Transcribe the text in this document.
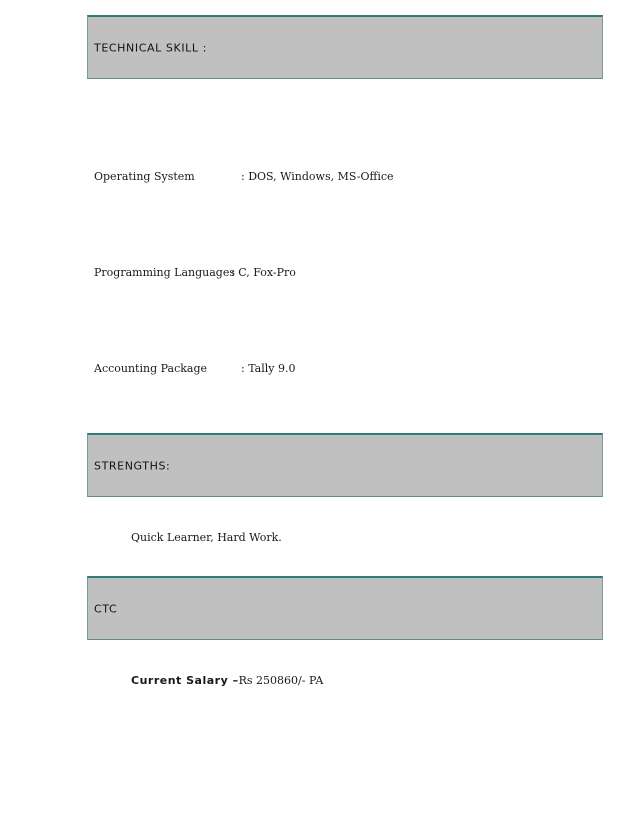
TECHNICAL SKILL :
Operating System	: DOS, Windows, MS-Office
Programming Languages
: C, Fox-Pro
Accounting Package	: Tally 9.0
STRENGTHS:
Quick Learner, Hard Work.
CTC
Current Salary –Rs 250860/- PA
